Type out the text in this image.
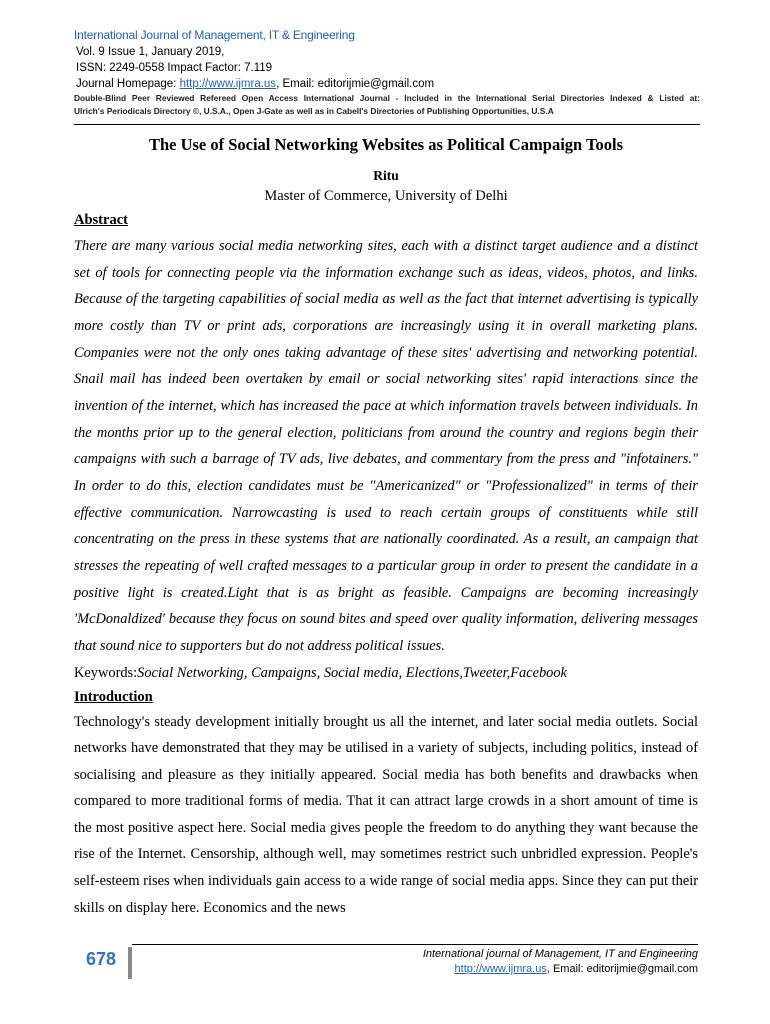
International Journal of Management, IT & Engineering
Vol. 9 Issue 1, January 2019,
ISSN: 2249-0558 Impact Factor: 7.119
Journal Homepage: http://www.ijmra.us, Email: editorijmie@gmail.com
Double-Blind Peer Reviewed Refereed Open Access International Journal - Included in the International Serial Directories Indexed & Listed at:
Ulrich's Periodicals Directory ©, U.S.A., Open J-Gate as well as in Cabell's Directories of Publishing Opportunities, U.S.A
The Use of Social Networking Websites as Political Campaign Tools
Ritu
Master of Commerce, University of Delhi
Abstract

There are many various social media networking sites, each with a distinct target audience and a distinct set of tools for connecting people via the information exchange such as ideas, videos, photos, and links. Because of the targeting capabilities of social media as well as the fact that internet advertising is typically more costly than TV or print ads, corporations are increasingly using it in overall marketing plans. Companies were not the only ones taking advantage of these sites' advertising and networking potential. Snail mail has indeed been overtaken by email or social networking sites' rapid interactions since the invention of the internet, which has increased the pace at which information travels between individuals. In the months prior up to the general election, politicians from around the country and regions begin their campaigns with such a barrage of TV ads, live debates, and commentary from the press and "infotainers." In order to do this, election candidates must be "Americanized" or "Professionalized" in terms of their effective communication. Narrowcasting is used to reach certain groups of constituents while still concentrating on the press in these systems that are nationally coordinated. As a result, an campaign that stresses the repeating of well crafted messages to a particular group in order to present the candidate in a positive light is created.Light that is as bright as feasible. Campaigns are becoming increasingly 'McDonaldized' because they focus on sound bites and speed over quality information, delivering messages that sound nice to supporters but do not address political issues.

Keywords:Social Networking, Campaigns, Social media, Elections,Tweeter,Facebook
Introduction

Technology's steady development initially brought us all the internet, and later social media outlets. Social networks have demonstrated that they may be utilised in a variety of subjects, including politics, instead of socialising and pleasure as they initially appeared. Social media has both benefits and drawbacks when compared to more traditional forms of media. That it can attract large crowds in a short amount of time is the most positive aspect here. Social media gives people the freedom to do anything they want because the rise of the Internet. Censorship, although well, may sometimes restrict such unbridled expression. People's self-esteem rises when individuals gain access to a wide range of social media apps. Since they can put their skills on display here. Economics and the news

678	International journal of Management, IT and Engineering
http://www.ijmra.us, Email: editorijmie@gmail.com
